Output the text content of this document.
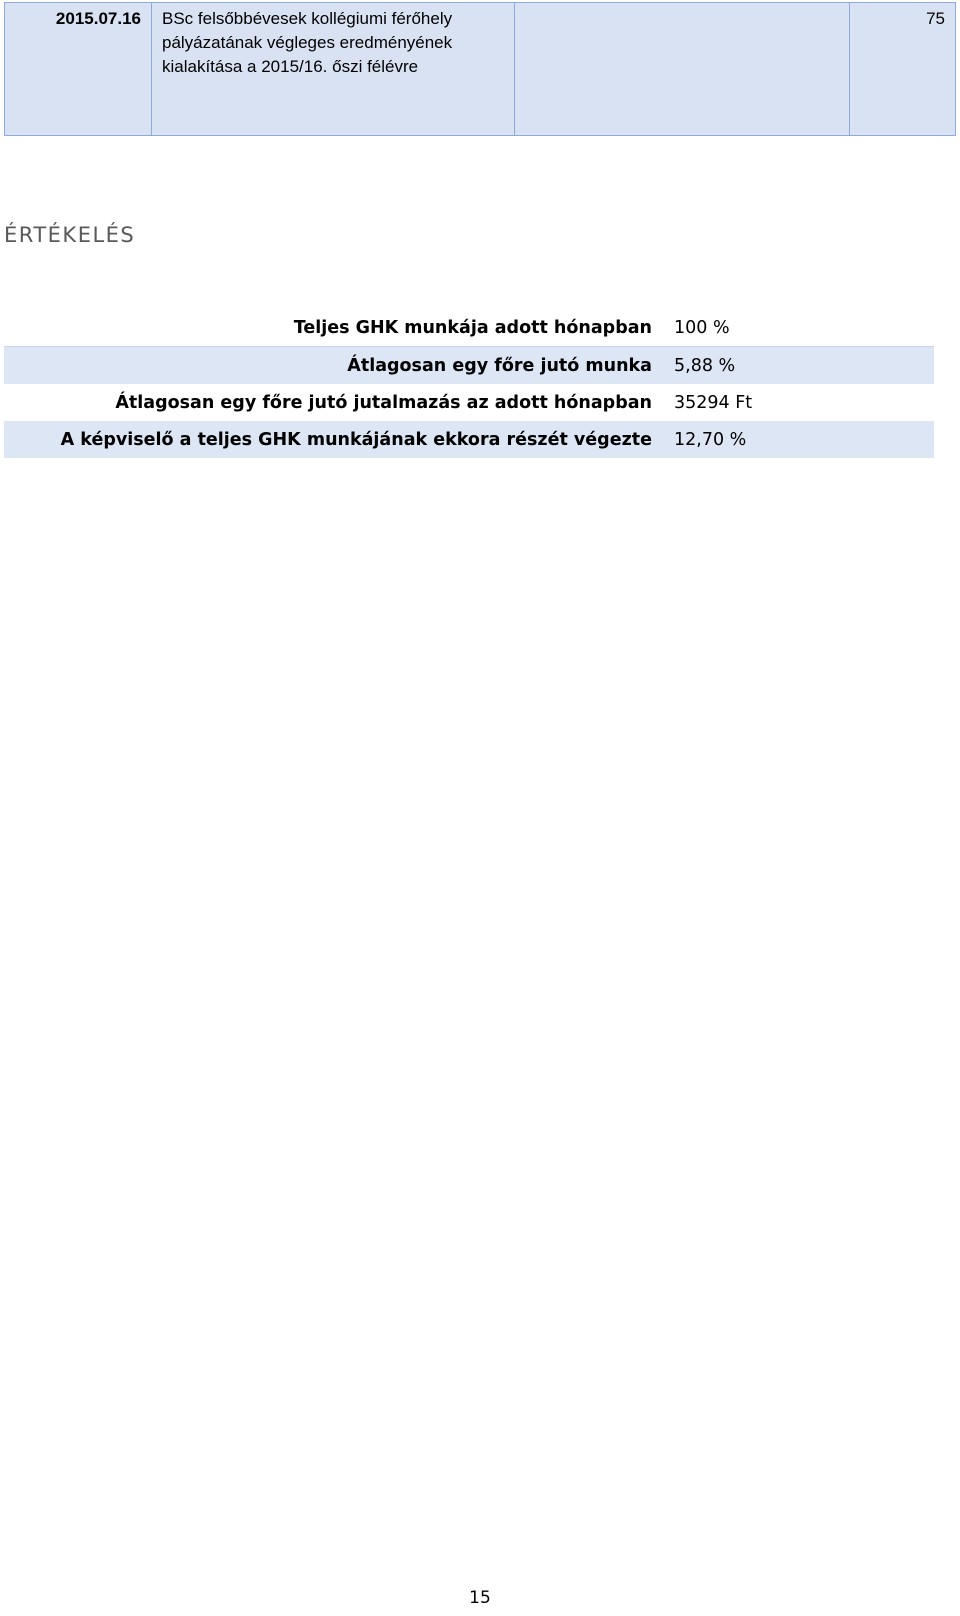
2015.07.16	BSc felsőbbévesek kollégiumi férőhely pályázatának végleges eredményének kialakítása a 2015/16. őszi félévre		75
ÉRTÉKELÉS
Teljes GHK munkája adott hónapban	100 %
Átlagosan egy főre jutó munka	5,88 %
Átlagosan egy főre jutó jutalmazás az adott hónapban	35294 Ft
A képviselő a teljes GHK munkájának ekkora részét végezte	12,70 %
15
